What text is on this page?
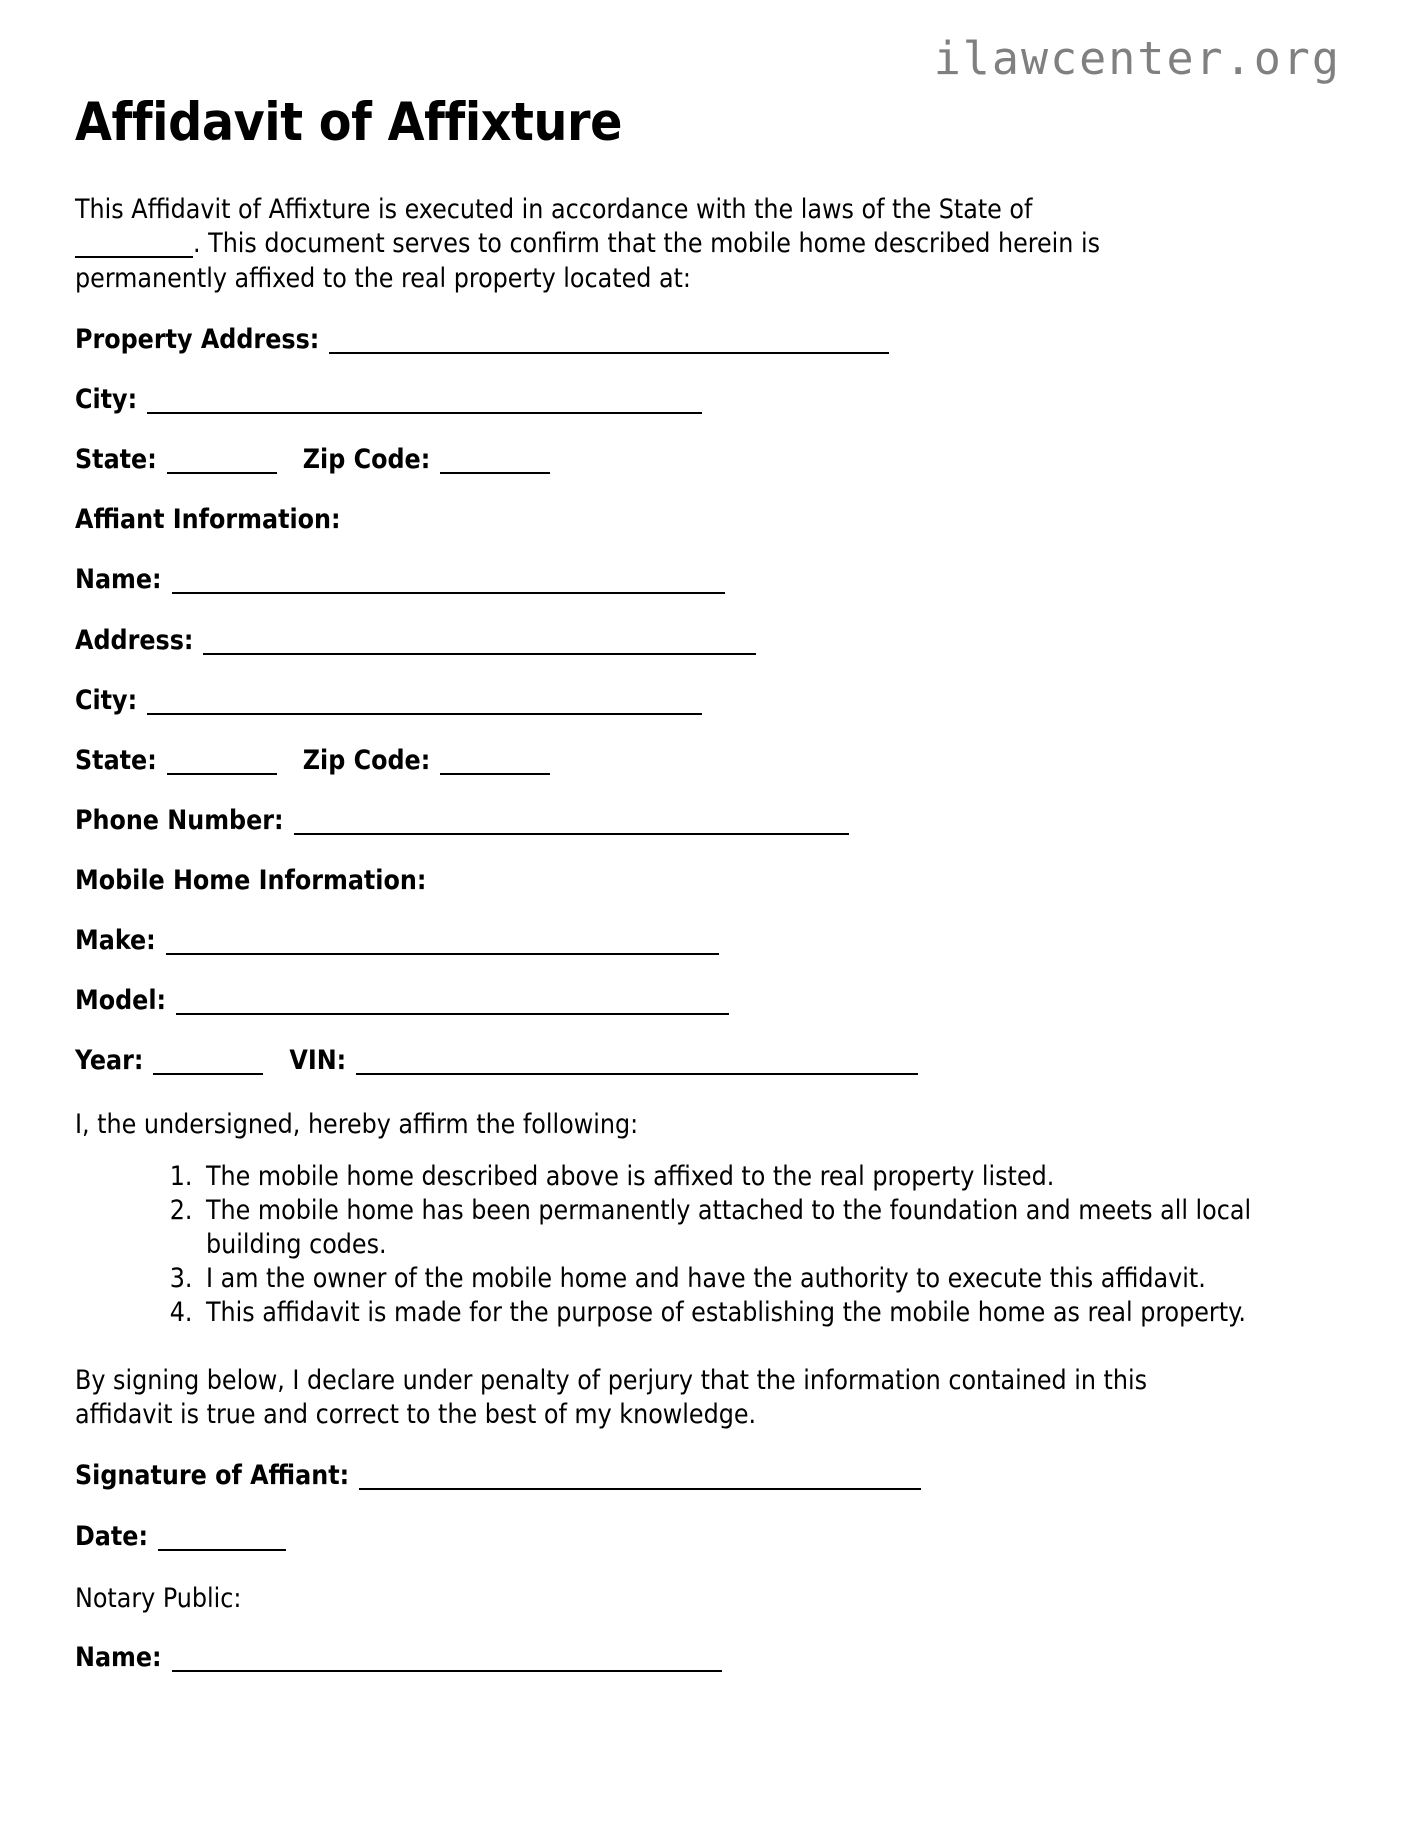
ilawcenter.org
Affidavit of Affixture

This Affidavit of Affixture is executed in accordance with the laws of the State of. This document serves to confirm that the mobile home described herein is permanently affixed to the real property located at:

Property Address:

City:

State:	Zip Code:

Affiant Information:

Name:

Address:

City:

State:	Zip Code:

Phone Number:

Mobile Home Information:

Make:

Model:

Year:	VIN:

I, the undersigned, hereby affirm the following:

1. The mobile home described above is affixed to the real property listed.
2. The mobile home has been permanently attached to the foundation and meets all local building codes.
3. I am the owner of the mobile home and have the authority to execute this affidavit.
4. This affidavit is made for the purpose of establishing the mobile home as real property.

By signing below, I declare under penalty of perjury that the information contained in this affidavit is true and correct to the best of my knowledge.

Signature of Affiant:

Date:

Notary Public:

Name:
